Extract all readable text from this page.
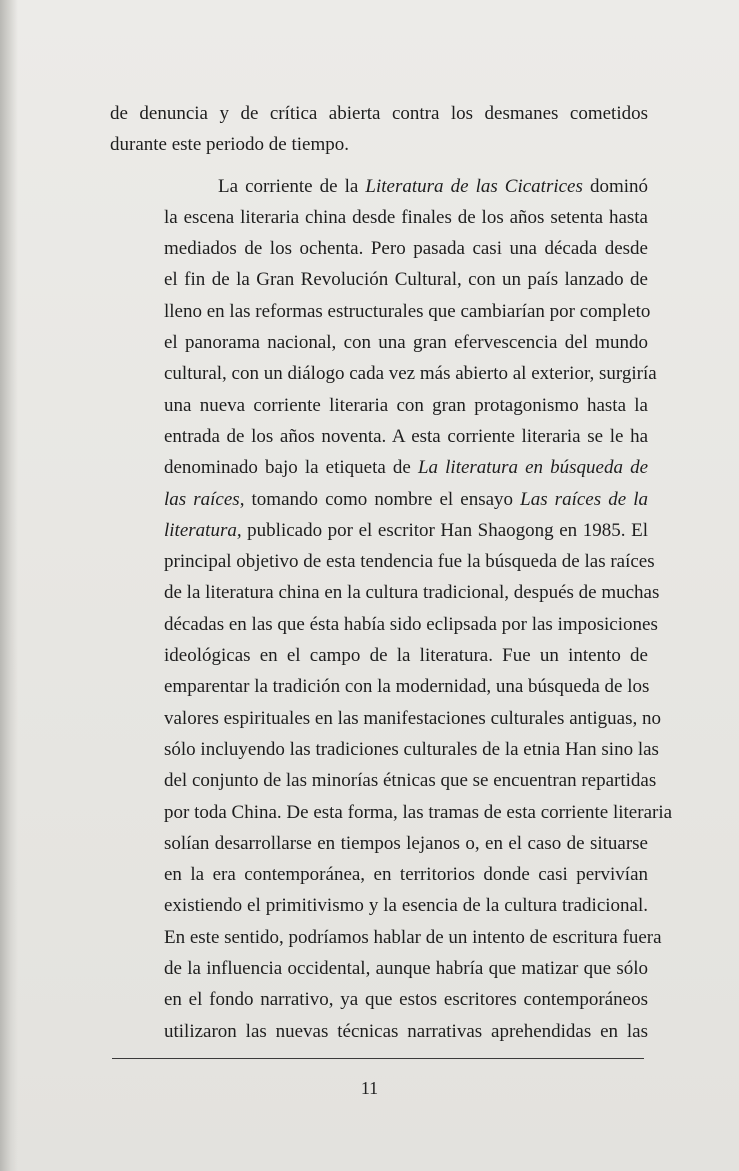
de denuncia y de crítica abierta contra los desmanes cometidos
durante este periodo de tiempo.

La corriente de la Literatura de las Cicatrices dominó
la escena literaria china desde finales de los años setenta hasta
mediados de los ochenta. Pero pasada casi una década desde
el fin de la Gran Revolución Cultural, con un país lanzado de
lleno en las reformas estructurales que cambiarían por completo
el panorama nacional, con una gran efervescencia del mundo
cultural, con un diálogo cada vez más abierto al exterior, surgiría
una nueva corriente literaria con gran protagonismo hasta la
entrada de los años noventa. A esta corriente literaria se le ha
denominado bajo la etiqueta de La literatura en búsqueda de
las raíces, tomando como nombre el ensayo Las raíces de la
literatura, publicado por el escritor Han Shaogong en 1985. El
principal objetivo de esta tendencia fue la búsqueda de las raíces
de la literatura china en la cultura tradicional, después de muchas
décadas en las que ésta había sido eclipsada por las imposiciones
ideológicas en el campo de la literatura. Fue un intento de
emparentar la tradición con la modernidad, una búsqueda de los
valores espirituales en las manifestaciones culturales antiguas, no
sólo incluyendo las tradiciones culturales de la etnia Han sino las
del conjunto de las minorías étnicas que se encuentran repartidas
por toda China. De esta forma, las tramas de esta corriente literaria
solían desarrollarse en tiempos lejanos o, en el caso de situarse
en la era contemporánea, en territorios donde casi pervivían
existiendo el primitivismo y la esencia de la cultura tradicional.
En este sentido, podríamos hablar de un intento de escritura fuera
de la influencia occidental, aunque habría que matizar que sólo
en el fondo narrativo, ya que estos escritores contemporáneos
utilizaron las nuevas técnicas narrativas aprehendidas en las

11
